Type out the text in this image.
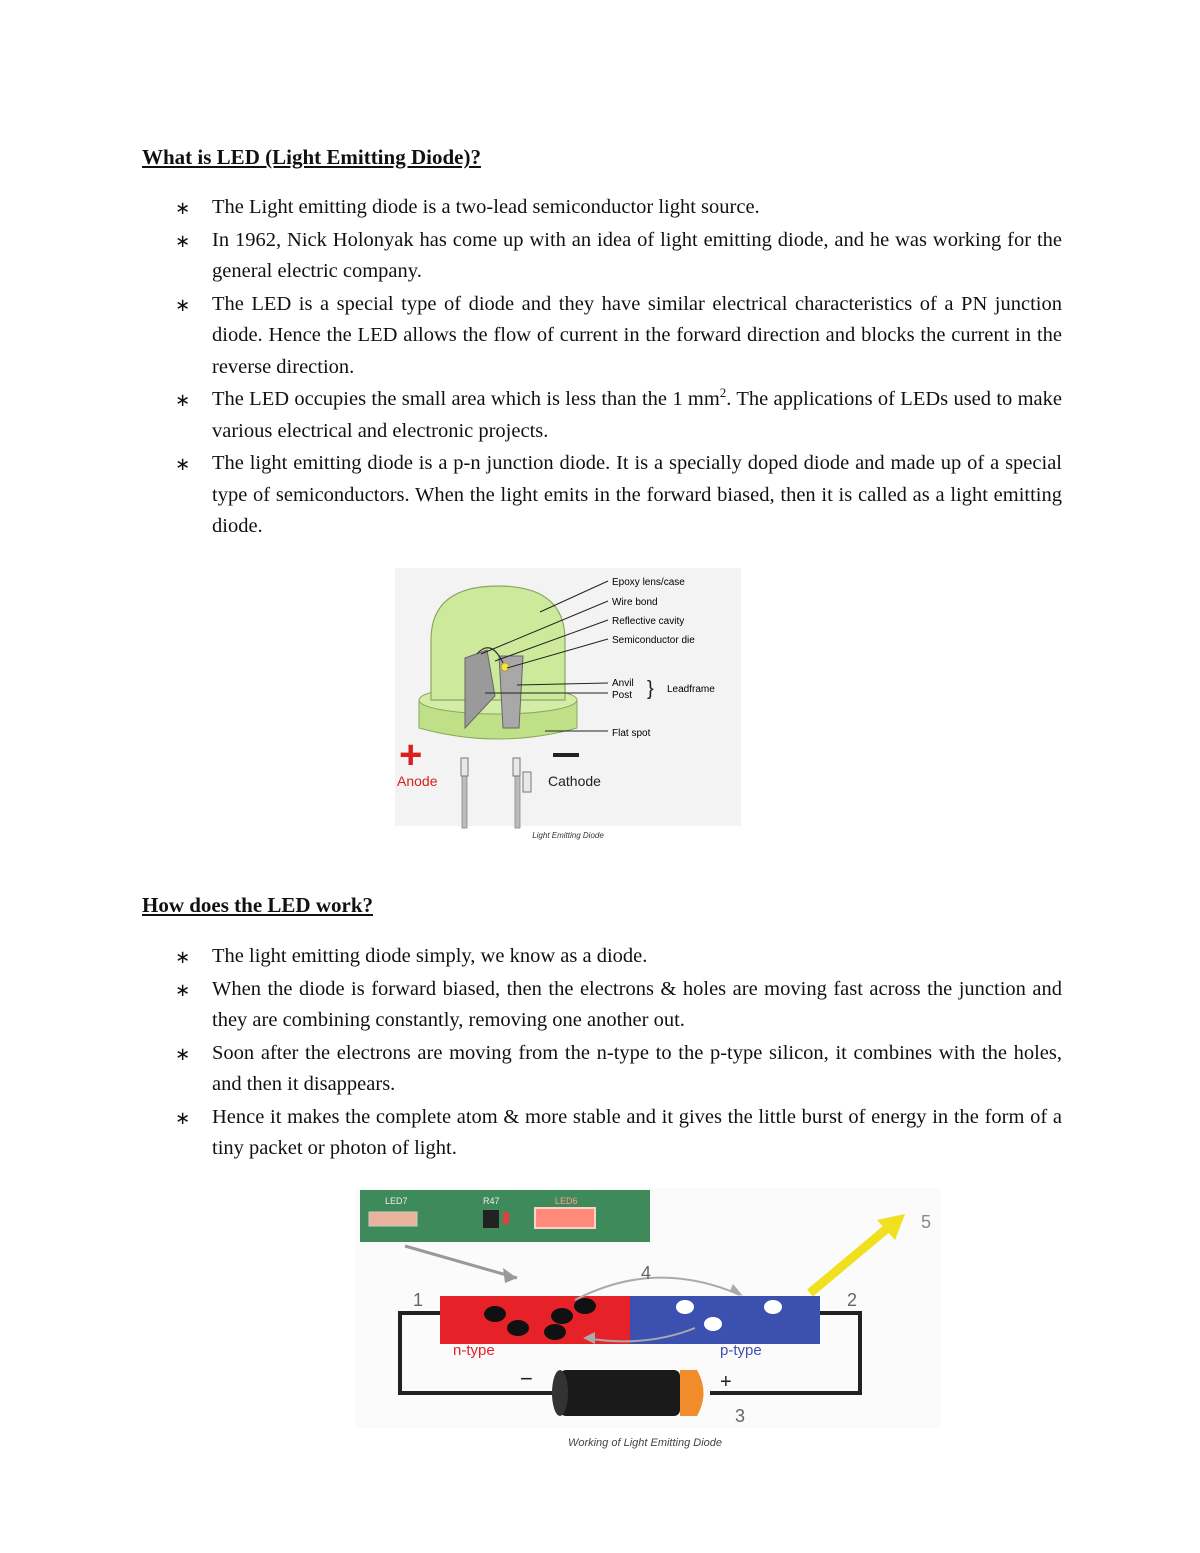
What is LED (Light Emitting Diode)?
∗ The Light emitting diode is a two-lead semiconductor light source.
∗ In 1962, Nick Holonyak has come up with an idea of light emitting diode, and he was working for the general electric company.
∗ The LED is a special type of diode and they have similar electrical characteristics of a PN junction diode. Hence the LED allows the flow of current in the forward direction and blocks the current in the reverse direction.
∗ The LED occupies the small area which is less than the 1 $mm^2$. The applications of LEDs used to make various electrical and electronic projects.
∗ The light emitting diode is a p-n junction diode. It is a specially doped diode and made up of a special type of semiconductors. When the light emits in the forward biased, then it is called as a light emitting diode.
Epoxy lens/case
Wire bond
Reflective cavity
Semiconductor die
Anvil
Post } Leadframe
Flat spot
+
Anode	Cathode
Light Emitting Diode
How does the LED work?
∗ The light emitting diode simply, we know as a diode.
∗ When the diode is forward biased, then the electrons & holes are moving fast across the junction and they are combining constantly, removing one another out.
∗ Soon after the electrons are moving from the n-type to the p-type silicon, it combines with the holes, and then it disappears.
∗ Hence it makes the complete atom & more stable and it gives the little burst of energy in the form of a tiny packet or photon of light.
LED7	R47	LED6
5
1	2
4
n-type	p-type
−	+
3
Working of Light Emitting Diode
